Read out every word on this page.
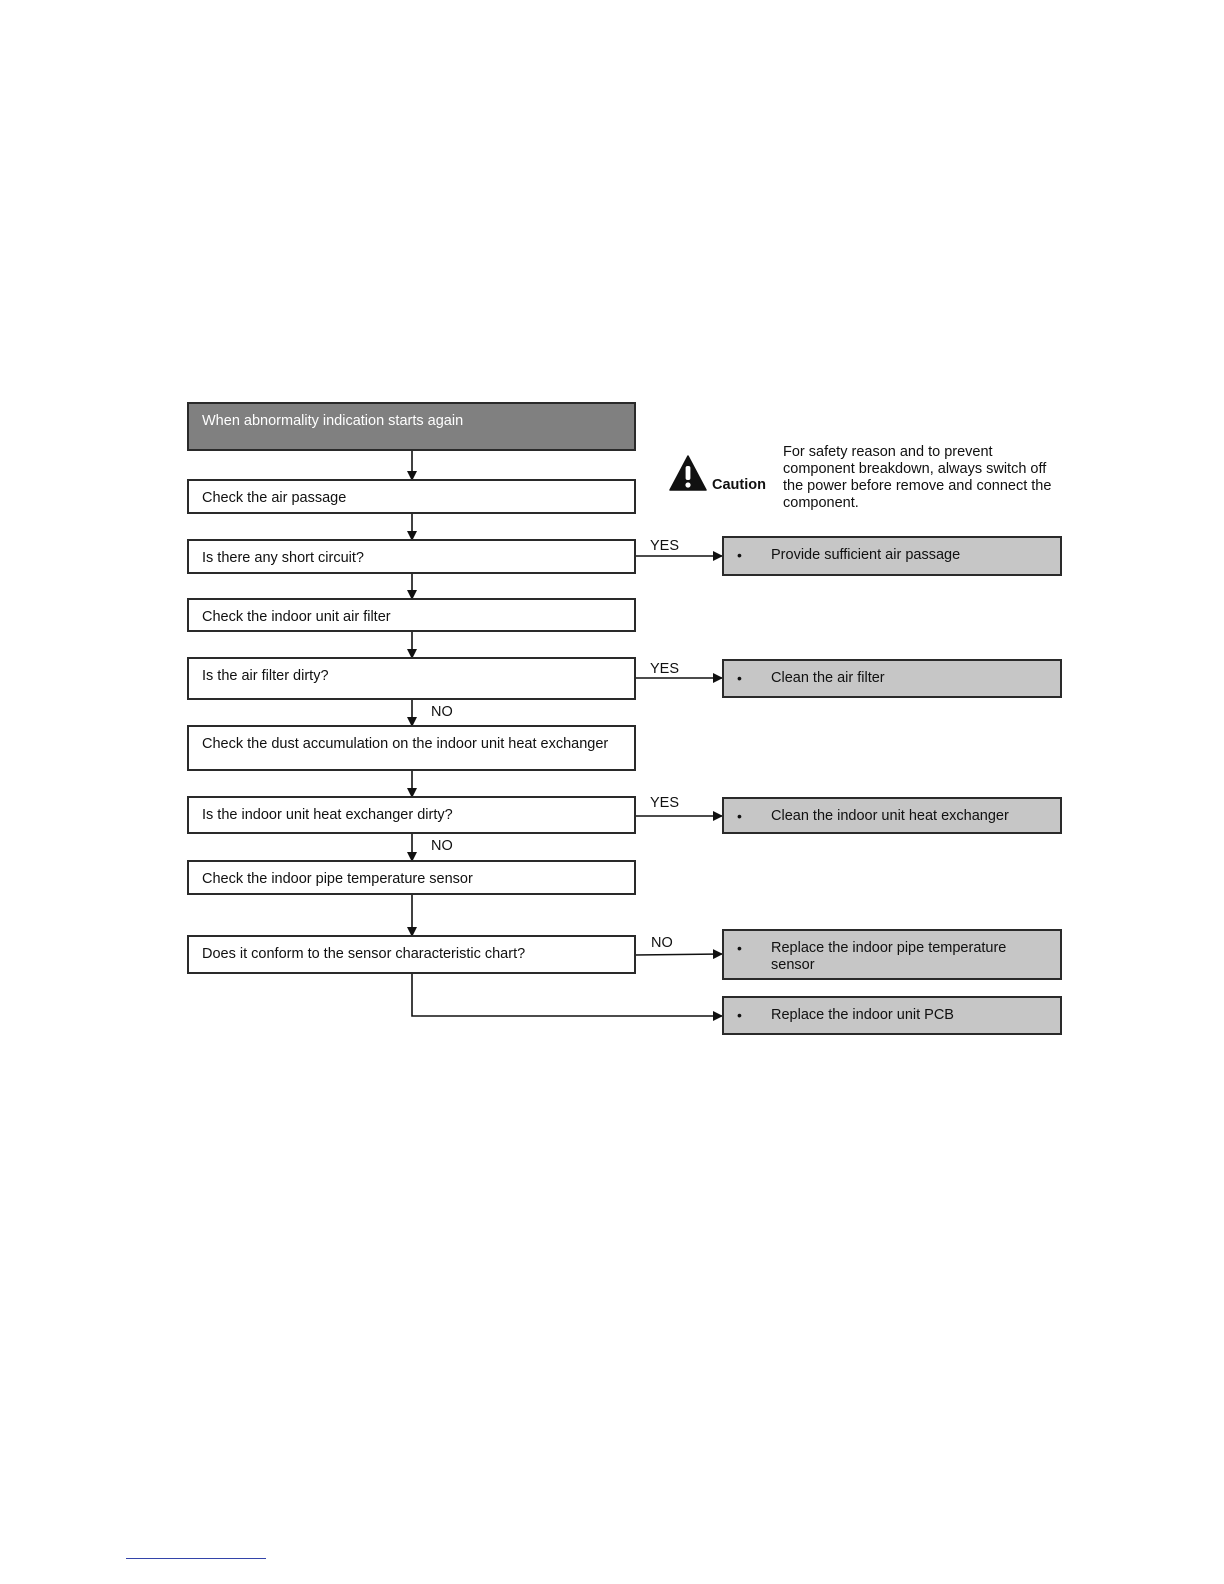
When abnormality indication starts again
Check the air passage
Is there any short circuit?
Check the indoor unit air filter
Is the air filter dirty?
Check the dust accumulation on the indoor unit heat exchanger
Is the indoor unit heat exchanger dirty?
Check the indoor pipe temperature sensor
Does it conform to the sensor characteristic chart?
• Provide sufficient air passage
• Clean the air filter
• Clean the indoor unit heat exchanger
• Replace the indoor pipe temperature sensor
• Replace the indoor unit PCB
YES
YES
NO
YES
NO
NO
Caution
For safety reason and to prevent component breakdown, always switch off the power before remove and connect the component.
